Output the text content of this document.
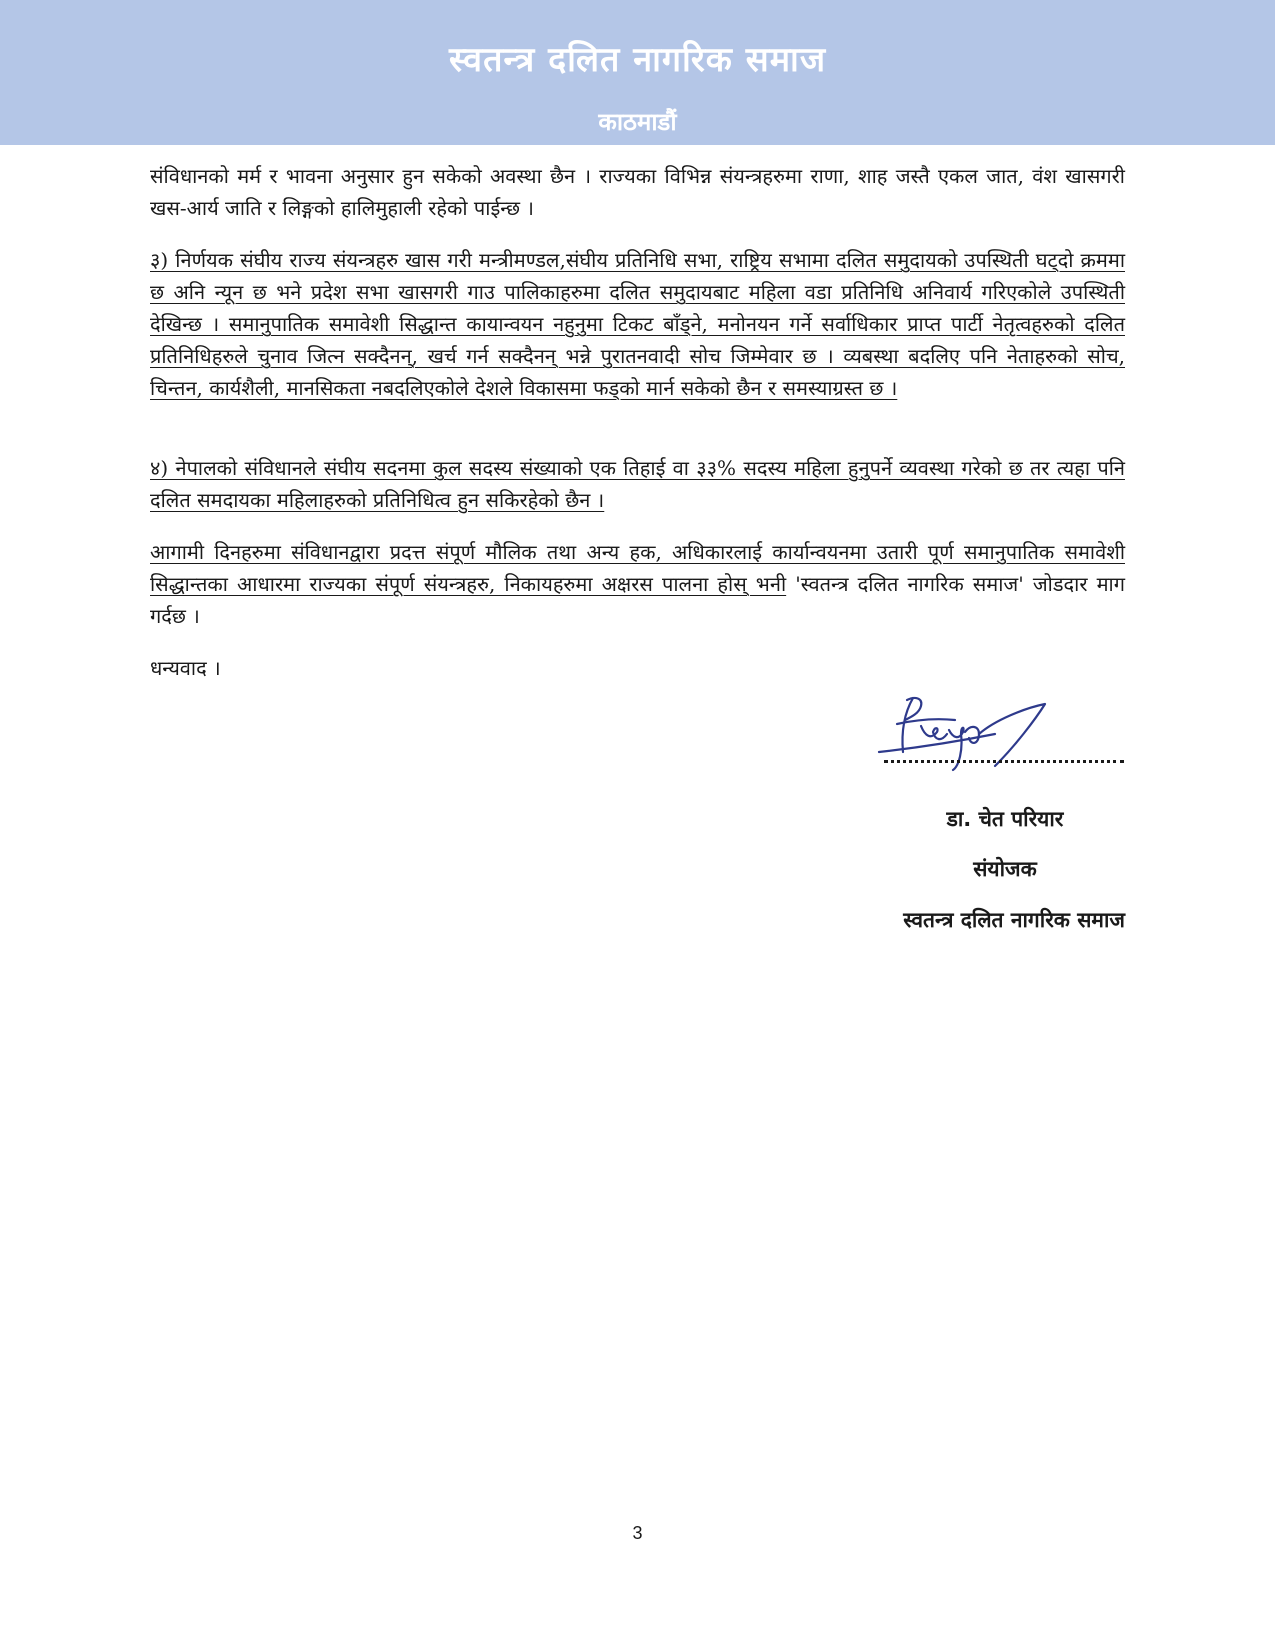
स्वतन्त्र दलित नागरिक समाज
काठमाडौं

संविधानको मर्म र भावना अनुसार हुन सकेको अवस्था छैन । राज्यका विभिन्न संयन्त्रहरुमा राणा, शाह जस्तै एकल जात, वंश खासगरी खस-आर्य जाति र लिङ्गको हालिमुहाली रहेको पाईन्छ ।

३) निर्णयक संघीय राज्य संयन्त्रहरु खास गरी मन्त्रीमण्डल,संघीय प्रतिनिधि सभा, राष्ट्रिय सभामा दलित समुदायको उपस्थिती घट्दो क्रममा छ अनि न्यून छ भने प्रदेश सभा खासगरी गाउ पालिकाहरुमा दलित समुदायबाट महिला वडा प्रतिनिधि अनिवार्य गरिएकोले उपस्थिती देखिन्छ । समानुपातिक समावेशी सिद्धान्त कायान्वयन नहुनुमा टिकट बाँड्ने, मनोनयन गर्ने सर्वाधिकार प्राप्त पार्टी नेतृत्वहरुको दलित प्रतिनिधिहरुले चुनाव जित्न सक्दैनन्, खर्च गर्न सक्दैनन् भन्ने पुरातनवादी सोच जिम्मेवार छ । व्यबस्था बदलिए पनि नेताहरुको सोच, चिन्तन, कार्यशैली, मानसिकता नबदलिएकोले देशले विकासमा फड्को मार्न सकेको छैन र समस्याग्रस्त छ ।

४) नेपालको संविधानले संघीय सदनमा कुल सदस्य संख्याको एक तिहाई वा ३३% सदस्य महिला हुनुपर्ने व्यवस्था गरेको छ तर त्यहा पनि दलित समदायका महिलाहरुको प्रतिनिधित्व हुन सकिरहेको छैन ।

आगामी दिनहरुमा संविधानद्वारा प्रदत्त संपूर्ण मौलिक तथा अन्य हक, अधिकारलाई कार्यान्वयनमा उतारी पूर्ण समानुपातिक समावेशी सिद्धान्तका आधारमा राज्यका संपूर्ण संयन्त्रहरु, निकायहरुमा अक्षरस पालना होस् भनी 'स्वतन्त्र दलित नागरिक समाज' जोडदार माग गर्दछ ।

धन्यवाद ।

डा. चेत परियार

संयोजक

स्वतन्त्र दलित नागरिक समाज

3
